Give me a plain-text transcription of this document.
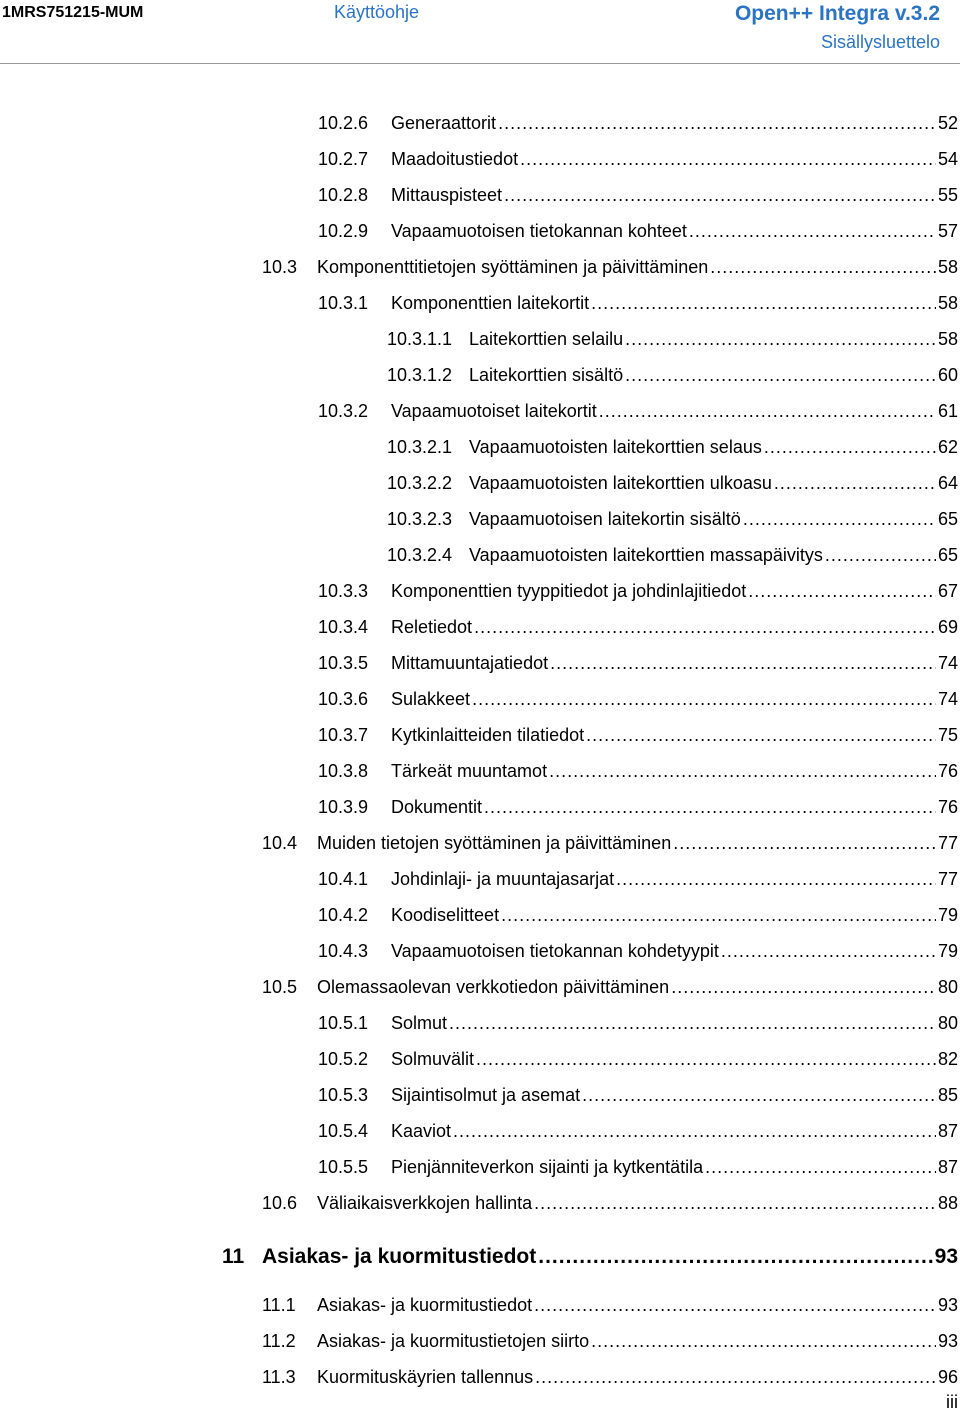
1MRS751215-MUM	Käyttöohje	Open++ Integra v.3.2
Sisällysluettelo
10.2.6	Generaattorit .....	52
10.2.7	Maadoitustiedot .....	54
10.2.8	Mittauspisteet .....	55
10.2.9	Vapaamuotoisen tietokannan kohteet .....	57
10.3	Komponenttitietojen syöttäminen ja päivittäminen .....	58
10.3.1	Komponenttien laitekortit .....	58
10.3.1.1 Laitekorttien selailu .....	58
10.3.1.2 Laitekorttien sisältö .....	60
10.3.2	Vapaamuotoiset laitekortit .....	61
10.3.2.1 Vapaamuotoisten laitekorttien selaus .....	62
10.3.2.2 Vapaamuotoisten laitekorttien ulkoasu .....	64
10.3.2.3 Vapaamuotoisen laitekortin sisältö .....	65
10.3.2.4 Vapaamuotoisten laitekorttien massapäivitys .....	65
10.3.3	Komponenttien tyyppitiedot ja johdinlajitiedot .....	67
10.3.4	Reletiedot .....	69
10.3.5	Mittamuuntajatiedot .....	74
10.3.6	Sulakkeet .....	74
10.3.7	Kytkinlaitteiden tilatiedot .....	75
10.3.8	Tärkeät muuntamot .....	76
10.3.9	Dokumentit .....	76
10.4	Muiden tietojen syöttäminen ja päivittäminen .....	77
10.4.1	Johdinlaji- ja muuntajasarjat .....	77
10.4.2	Koodiselitteet .....	79
10.4.3	Vapaamuotoisen tietokannan kohdetyypit .....	79
10.5	Olemassaolevan verkkotiedon päivittäminen .....	80
10.5.1	Solmut .....	80
10.5.2	Solmuvälit .....	82
10.5.3	Sijaintisolmut ja asemat .....	85
10.5.4	Kaaviot .....	87
10.5.5	Pienjänniteverkon sijainti ja kytkentätila .....	87
10.6	Väliaikaisverkkojen hallinta .....	88
11 Asiakas- ja kuormitustiedot .....	93
11.1	Asiakas- ja kuormitustiedot .....	93
11.2	Asiakas- ja kuormitustietojen siirto .....	93
11.3	Kuormituskäyrien tallennus .....	96
iii
